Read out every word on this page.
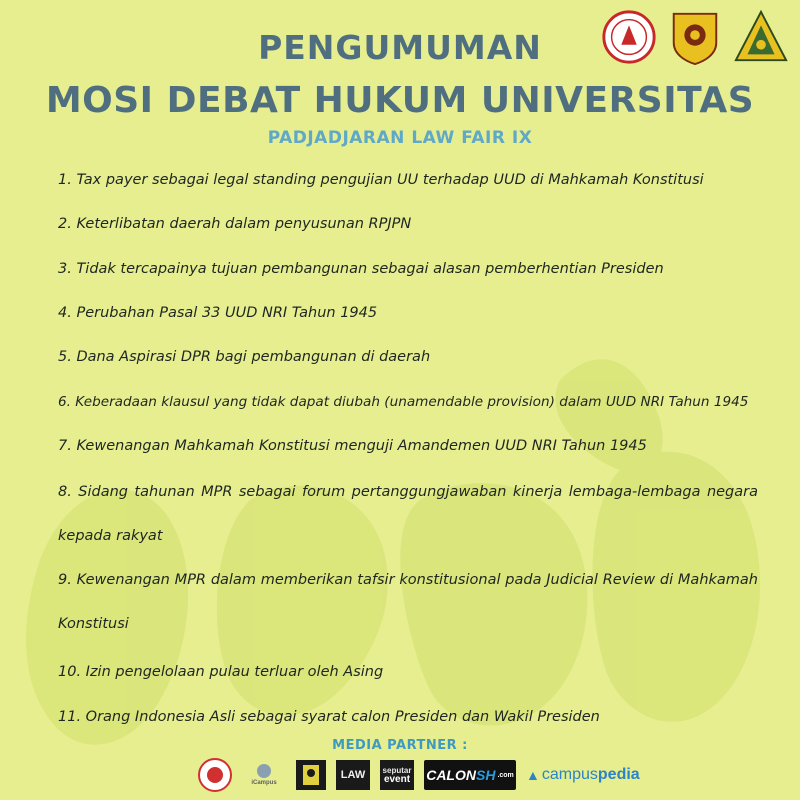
PENGUMUMAN
MOSI DEBAT HUKUM UNIVERSITAS
PADJADJARAN LAW FAIR IX
1. Tax payer sebagai legal standing pengujian UU terhadap UUD di Mahkamah Konstitusi
2. Keterlibatan daerah dalam penyusunan RPJPN
3. Tidak tercapainya tujuan pembangunan sebagai alasan pemberhentian Presiden
4. Perubahan Pasal 33 UUD NRI Tahun 1945
5. Dana Aspirasi DPR bagi pembangunan di daerah
6. Keberadaan klausul yang tidak dapat diubah (unamendable provision) dalam UUD NRI Tahun 1945
7. Kewenangan Mahkamah Konstitusi menguji Amandemen UUD NRI Tahun 1945
8. Sidang tahunan MPR sebagai forum pertanggungjawaban kinerja lembaga-lembaga negara kepada rakyat
9. Kewenangan MPR dalam memberikan tafsir konstitusional pada Judicial Review di Mahkamah Konstitusi
10. Izin pengelolaan pulau terluar oleh Asing
11. Orang Indonesia Asli sebagai syarat calon Presiden dan Wakil Presiden
MEDIA PARTNER :
iCampus
LAW seputar
event CALON SH .com ▲ campus pedia
